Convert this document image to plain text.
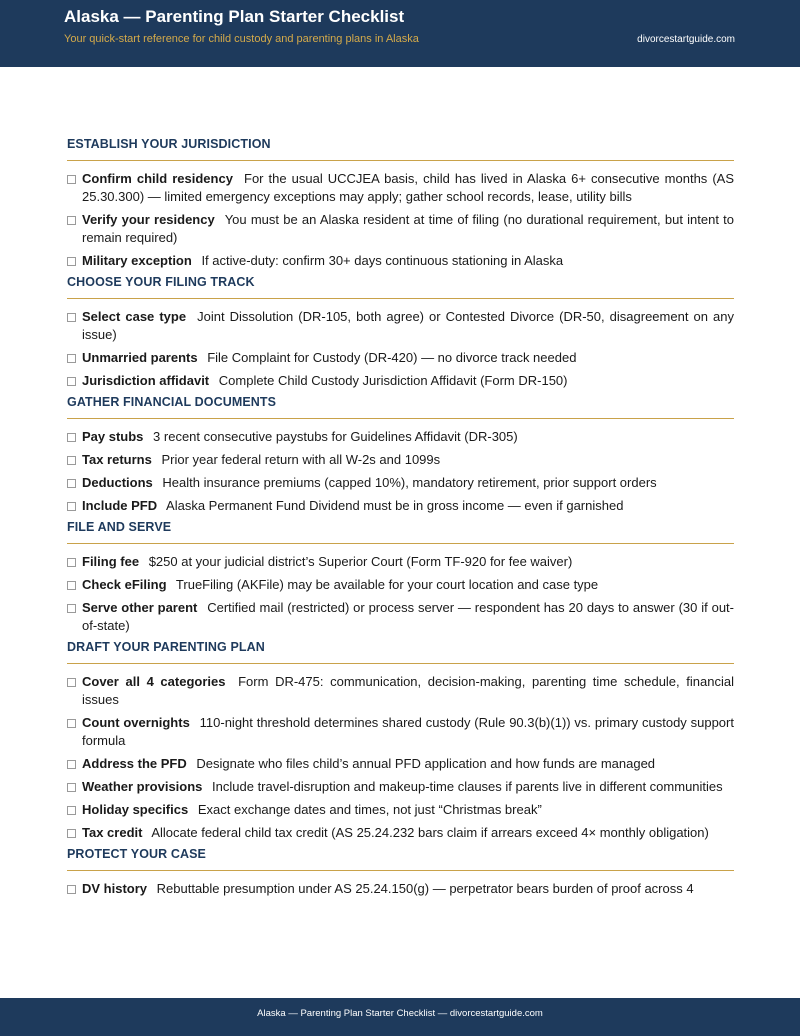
Alaska — Parenting Plan Starter Checklist
Your quick-start reference for child custody and parenting plans in Alaska	divorcestartguide.com
ESTABLISH YOUR JURISDICTION
Confirm child residency For the usual UCCJEA basis, child has lived in Alaska 6+ consecutive months (AS 25.30.300) — limited emergency exceptions may apply; gather school records, lease, utility bills
Verify your residency You must be an Alaska resident at time of filing (no durational requirement, but intent to remain required)
Military exception If active-duty: confirm 30+ days continuous stationing in Alaska
CHOOSE YOUR FILING TRACK
Select case type Joint Dissolution (DR-105, both agree) or Contested Divorce (DR-50, disagreement on any issue)
Unmarried parents File Complaint for Custody (DR-420) — no divorce track needed
Jurisdiction affidavit Complete Child Custody Jurisdiction Affidavit (Form DR-150)
GATHER FINANCIAL DOCUMENTS
Pay stubs 3 recent consecutive paystubs for Guidelines Affidavit (DR-305)
Tax returns Prior year federal return with all W-2s and 1099s
Deductions Health insurance premiums (capped 10%), mandatory retirement, prior support orders
Include PFD Alaska Permanent Fund Dividend must be in gross income — even if garnished
FILE AND SERVE
Filing fee $250 at your judicial district’s Superior Court (Form TF-920 for fee waiver)
Check eFiling TrueFiling (AKFile) may be available for your court location and case type
Serve other parent Certified mail (restricted) or process server — respondent has 20 days to answer (30 if out-of-state)
DRAFT YOUR PARENTING PLAN
Cover all 4 categories Form DR-475: communication, decision-making, parenting time schedule, financial issues
Count overnights 110-night threshold determines shared custody (Rule 90.3(b)(1)) vs. primary custody support formula
Address the PFD Designate who files child’s annual PFD application and how funds are managed
Weather provisions Include travel-disruption and makeup-time clauses if parents live in different communities
Holiday specifics Exact exchange dates and times, not just “Christmas break”
Tax credit Allocate federal child tax credit (AS 25.24.232 bars claim if arrears exceed 4× monthly obligation)
PROTECT YOUR CASE
DV history Rebuttable presumption under AS 25.24.150(g) — perpetrator bears burden of proof across 4
Alaska — Parenting Plan Starter Checklist — divorcestartguide.com
